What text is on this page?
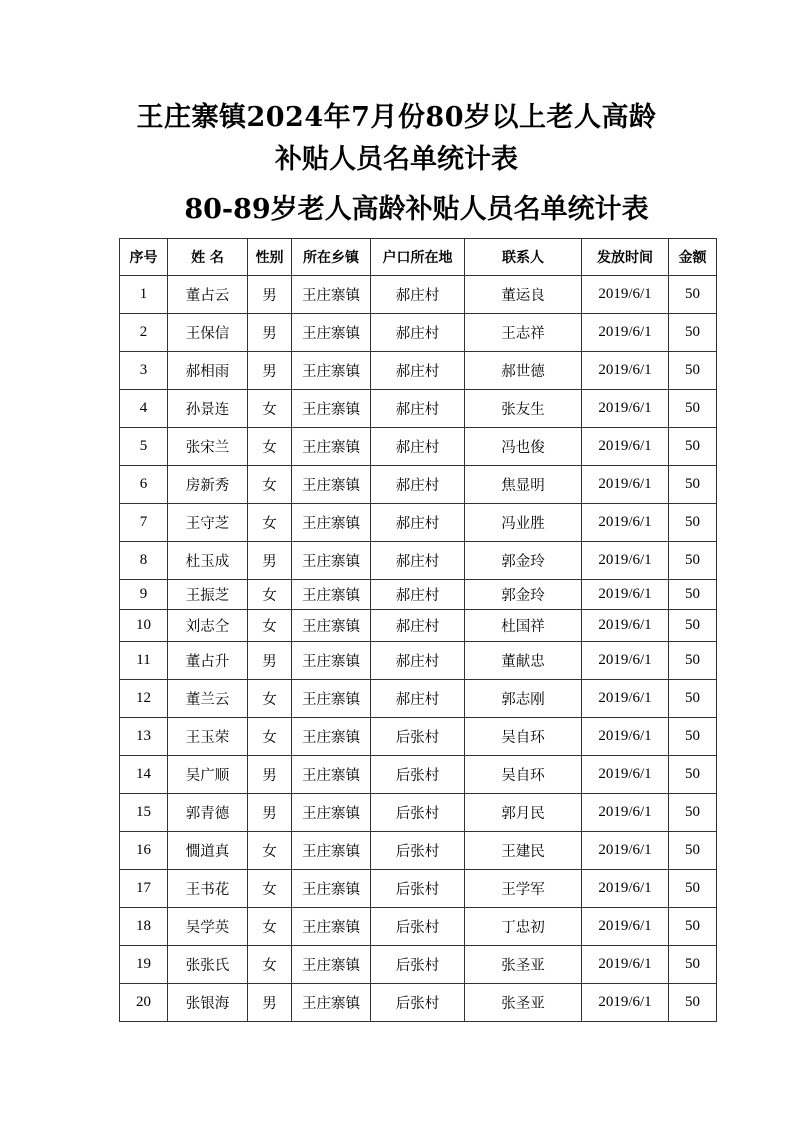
王庄寨镇2024年7月份80岁以上老人高龄
补贴人员名单统计表
80-89岁老人高龄补贴人员名单统计表
序号	姓 名	性别	所在乡镇	户口所在地	联系人	发放时间	金额
1	董占云	男	王庄寨镇	郝庄村	董运良	2019/6/1	50
2	王保信	男	王庄寨镇	郝庄村	王志祥	2019/6/1	50
3	郝相雨	男	王庄寨镇	郝庄村	郝世德	2019/6/1	50
4	孙景连	女	王庄寨镇	郝庄村	张友生	2019/6/1	50
5	张宋兰	女	王庄寨镇	郝庄村	冯也俊	2019/6/1	50
6	房新秀	女	王庄寨镇	郝庄村	焦显明	2019/6/1	50
7	王守芝	女	王庄寨镇	郝庄村	冯业胜	2019/6/1	50
8	杜玉成	男	王庄寨镇	郝庄村	郭金玲	2019/6/1	50
9	王振芝	女	王庄寨镇	郝庄村	郭金玲	2019/6/1	50
10	刘志仝	女	王庄寨镇	郝庄村	杜国祥	2019/6/1	50
11	董占升	男	王庄寨镇	郝庄村	董献忠	2019/6/1	50
12	董兰云	女	王庄寨镇	郝庄村	郭志刚	2019/6/1	50
13	王玉荣	女	王庄寨镇	后张村	吴自环	2019/6/1	50
14	吴广顺	男	王庄寨镇	后张村	吴自环	2019/6/1	50
15	郭青德	男	王庄寨镇	后张村	郭月民	2019/6/1	50
16	憪道真	女	王庄寨镇	后张村	王建民	2019/6/1	50
17	王书花	女	王庄寨镇	后张村	王学军	2019/6/1	50
18	吴学英	女	王庄寨镇	后张村	丁忠初	2019/6/1	50
19	张张氏	女	王庄寨镇	后张村	张圣亚	2019/6/1	50
20	张银海	男	王庄寨镇	后张村	张圣亚	2019/6/1	50
